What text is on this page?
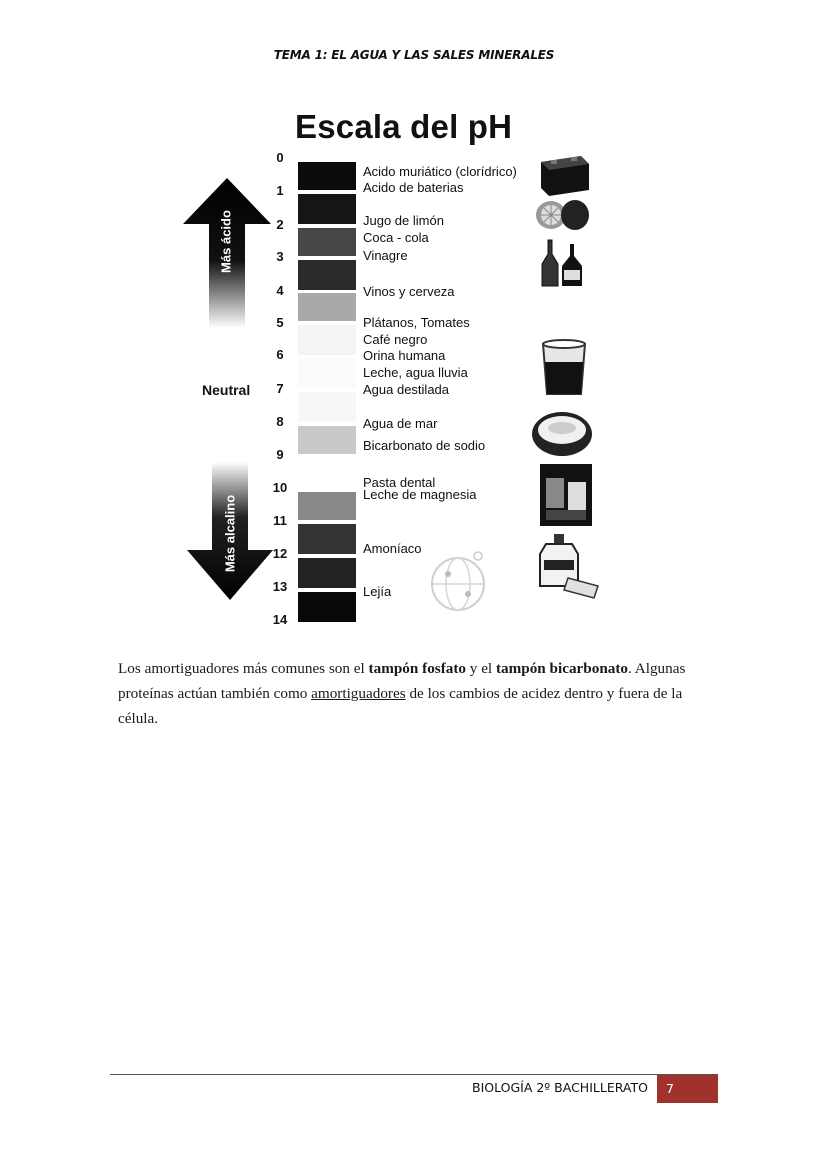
TEMA 1: EL AGUA Y LAS SALES MINERALES
Escala del pH
0
1
2
3
4
5
6
7
8
9
10
11
12
13
14
Acido muriático (clorídrico)
Acido de baterias
Jugo de limón
Coca - cola
Vinagre
Vinos y cerveza
Plátanos, Tomates
Café negro
Orina humana
Leche, agua lluvia
Agua destilada
Agua de mar
Bicarbonato de sodio
Pasta dental
Leche de magnesia
Amoníaco
Lejía
Neutral
Más ácido
Más alcalino
Los amortiguadores más comunes son el tampón fosfato y el tampón bicarbonato. Algunas proteínas actúan también como amortiguadores de los cambios de acidez dentro y fuera de la célula.
BIOLOGÍA 2º BACHILLERATO	7
